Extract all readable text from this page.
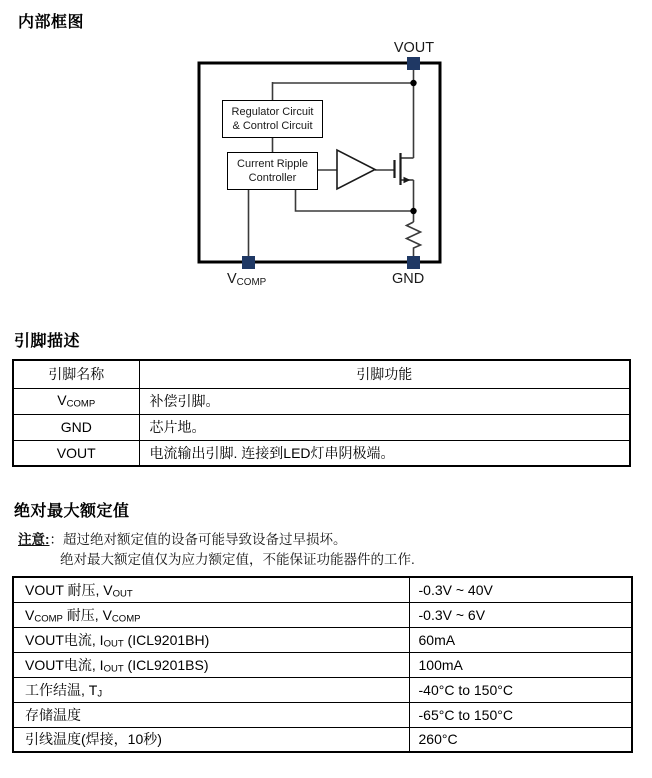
内部框图
Regulator Circuit
& Control Circuit
Current Ripple
Controller
VOUT
VCOMP	GND
引脚描述
引脚名称	引脚功能
VCOMP	补偿引脚。
GND	芯片地。
VOUT	电流输出引脚. 连接到LED灯串阴极端。
绝对最大额定值
注意:：超过绝对额定值的设备可能导致设备过早损坏。
绝对最大额定值仅为应力额定值，不能保证功能器件的工作.
VOUT 耐压, VOUT	-0.3V ~ 40V
VCOMP 耐压, VCOMP	-0.3V ~ 6V
VOUT电流, IOUT (ICL9201BH)	60mA
VOUT电流, IOUT (ICL9201BS)	100mA
工作结温, TJ	-40°C to 150°C
存储温度	-65°C to 150°C
引线温度(焊接，10秒)	260°C
